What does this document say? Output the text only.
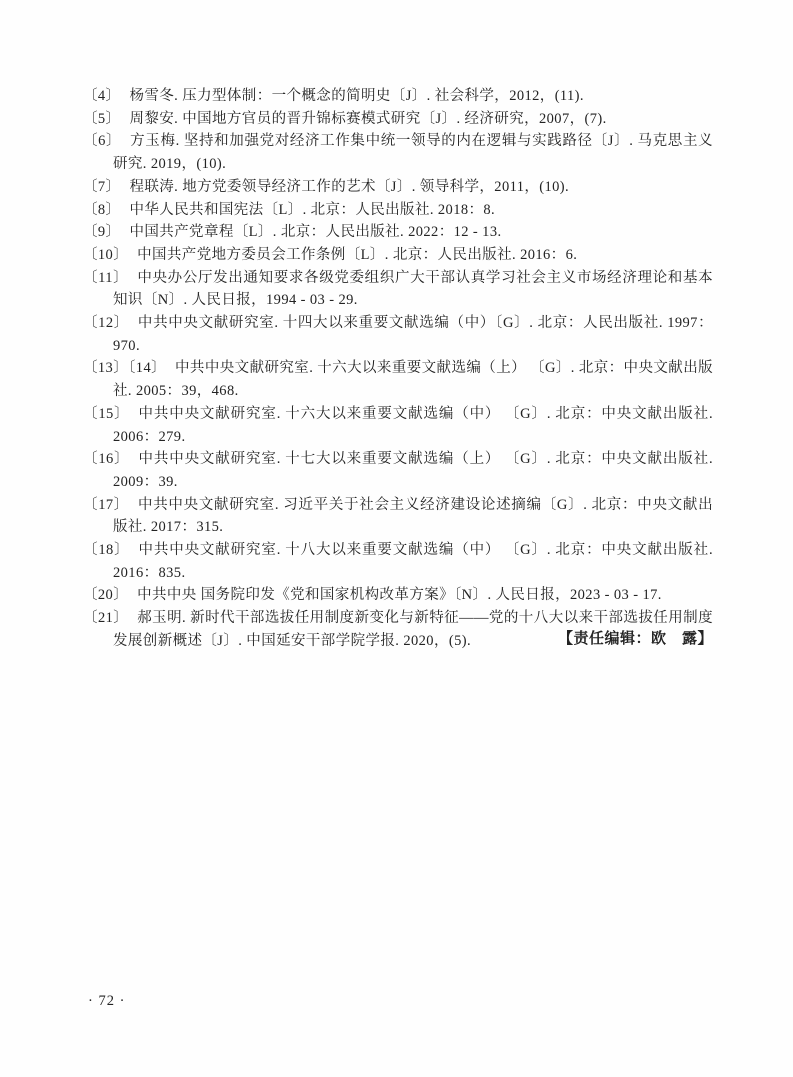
〔4〕 杨雪冬. 压力型体制：一个概念的简明史〔J〕. 社会科学，2012，(11).

〔5〕 周黎安. 中国地方官员的晋升锦标赛模式研究〔J〕. 经济研究，2007，(7).

〔6〕 方玉梅. 坚持和加强党对经济工作集中统一领导的内在逻辑与实践路径〔J〕. 马克思主义研究. 2019，(10).

〔7〕 程联涛. 地方党委领导经济工作的艺术〔J〕. 领导科学，2011，(10).

〔8〕 中华人民共和国宪法〔L〕. 北京：人民出版社. 2018：8.

〔9〕 中国共产党章程〔L〕. 北京：人民出版社. 2022：12 - 13.

〔10〕 中国共产党地方委员会工作条例〔L〕. 北京：人民出版社. 2016：6.

〔11〕 中央办公厅发出通知要求各级党委组织广大干部认真学习社会主义市场经济理论和基本知识〔N〕. 人民日报，1994 - 03 - 29.

〔12〕 中共中央文献研究室. 十四大以来重要文献选编（中）〔G〕. 北京：人民出版社. 1997：970.

〔13〕〔14〕 中共中央文献研究室. 十六大以来重要文献选编（上） 〔G〕. 北京：中央文献出版社. 2005：39，468.

〔15〕 中共中央文献研究室. 十六大以来重要文献选编（中） 〔G〕. 北京：中央文献出版社. 2006：279.

〔16〕 中共中央文献研究室. 十七大以来重要文献选编（上） 〔G〕. 北京：中央文献出版社. 2009：39.

〔17〕 中共中央文献研究室. 习近平关于社会主义经济建设论述摘编〔G〕. 北京：中央文献出版社. 2017：315.

〔18〕 中共中央文献研究室. 十八大以来重要文献选编（中） 〔G〕. 北京：中央文献出版社. 2016：835.

〔20〕 中共中央 国务院印发《党和国家机构改革方案》〔N〕. 人民日报，2023 - 03 - 17.

〔21〕 郝玉明. 新时代干部选拔任用制度新变化与新特征——党的十八大以来干部选拔任用制度发展创新概述〔J〕. 中国延安干部学院学报. 2020，(5).	【责任编辑：欧　露】
· 72 ·
